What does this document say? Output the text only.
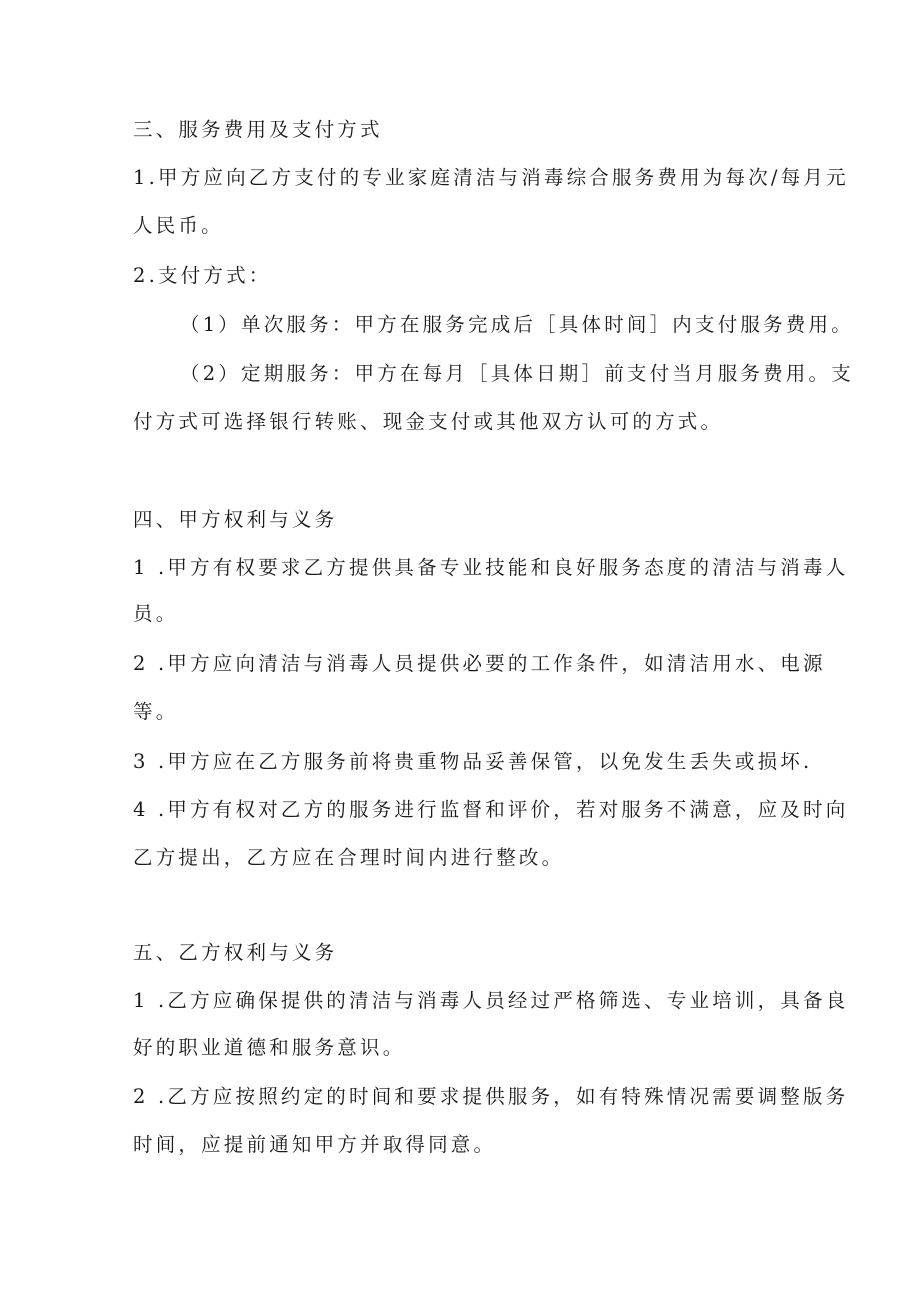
三、服务费用及支付方式
1.甲方应向乙方支付的专业家庭清洁与消毒综合服务费用为每次/每月元
人民币。
2.支付方式：
（1）单次服务：甲方在服务完成后［具体时间］内支付服务费用。
（2）定期服务：甲方在每月［具体日期］前支付当月服务费用。支
付方式可选择银行转账、现金支付或其他双方认可的方式。
四、甲方权利与义务
1 .甲方有权要求乙方提供具备专业技能和良好服务态度的清洁与消毒人
员。
2 .甲方应向清洁与消毒人员提供必要的工作条件，如清洁用水、电源
等。
3 .甲方应在乙方服务前将贵重物品妥善保管，以免发生丢失或损坏.
4 .甲方有权对乙方的服务进行监督和评价，若对服务不满意，应及时向
乙方提出，乙方应在合理时间内进行整改。
五、乙方权利与义务
1 .乙方应确保提供的清洁与消毒人员经过严格筛选、专业培训，具备良
好的职业道德和服务意识。
2 .乙方应按照约定的时间和要求提供服务，如有特殊情况需要调整版务
时间，应提前通知甲方并取得同意。
